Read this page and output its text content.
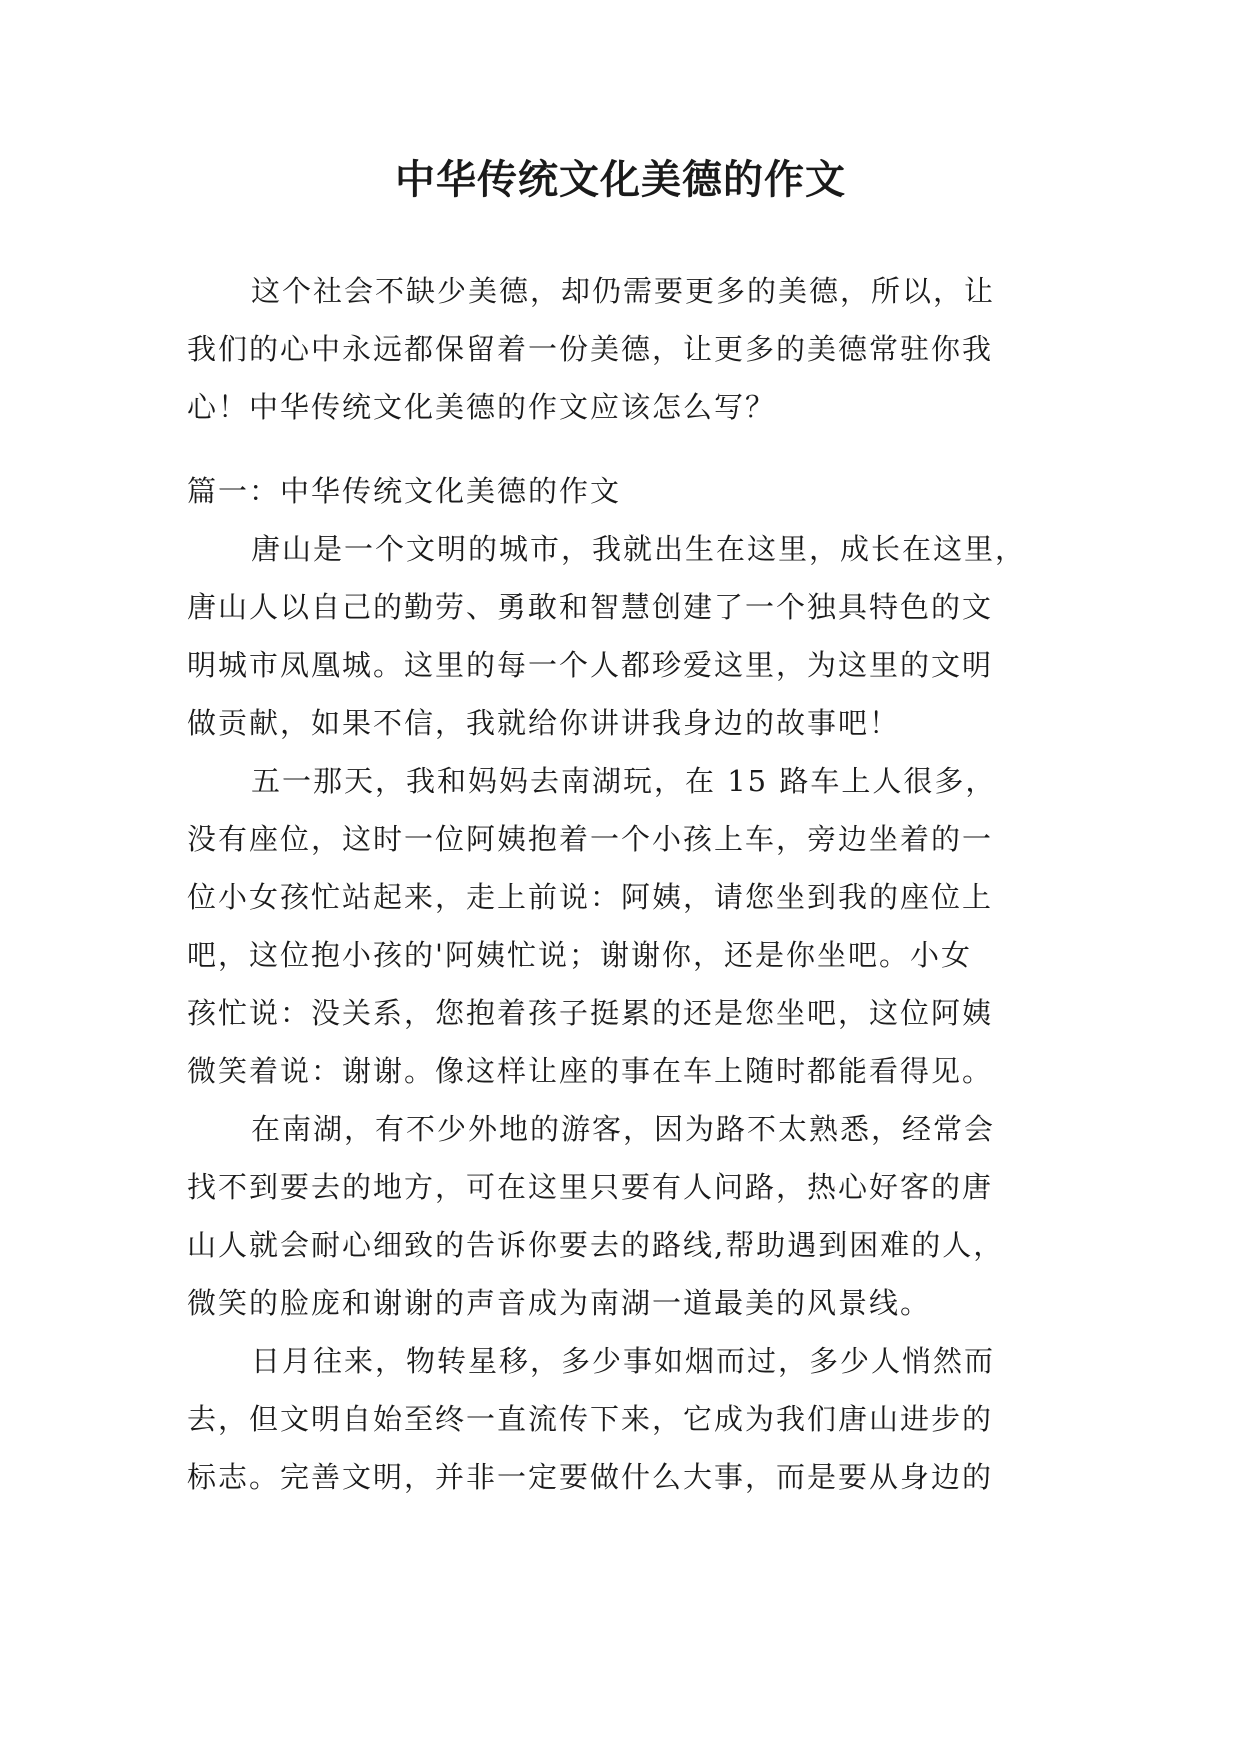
中华传统文化美德的作文
这个社会不缺少美德，却仍需要更多的美德，所以，让
我们的心中永远都保留着一份美德，让更多的美德常驻你我
心！中华传统文化美德的作文应该怎么写？
篇一：中华传统文化美德的作文
唐山是一个文明的城市，我就出生在这里，成长在这里，
唐山人以自己的勤劳、勇敢和智慧创建了一个独具特色的文
明城市凤凰城。这里的每一个人都珍爱这里，为这里的文明
做贡献，如果不信，我就给你讲讲我身边的故事吧！
五一那天，我和妈妈去南湖玩，在 15 路车上人很多，
没有座位，这时一位阿姨抱着一个小孩上车，旁边坐着的一
位小女孩忙站起来，走上前说：阿姨，请您坐到我的座位上
吧，这位抱小孩的'阿姨忙说；谢谢你，还是你坐吧。小女
孩忙说：没关系，您抱着孩子挺累的还是您坐吧，这位阿姨
微笑着说：谢谢。像这样让座的事在车上随时都能看得见。
在南湖，有不少外地的游客，因为路不太熟悉，经常会
找不到要去的地方，可在这里只要有人问路，热心好客的唐
山人就会耐心细致的告诉你要去的路线,帮助遇到困难的人，
微笑的脸庞和谢谢的声音成为南湖一道最美的风景线。
日月往来，物转星移，多少事如烟而过，多少人悄然而
去，但文明自始至终一直流传下来，它成为我们唐山进步的
标志。完善文明，并非一定要做什么大事，而是要从身边的
